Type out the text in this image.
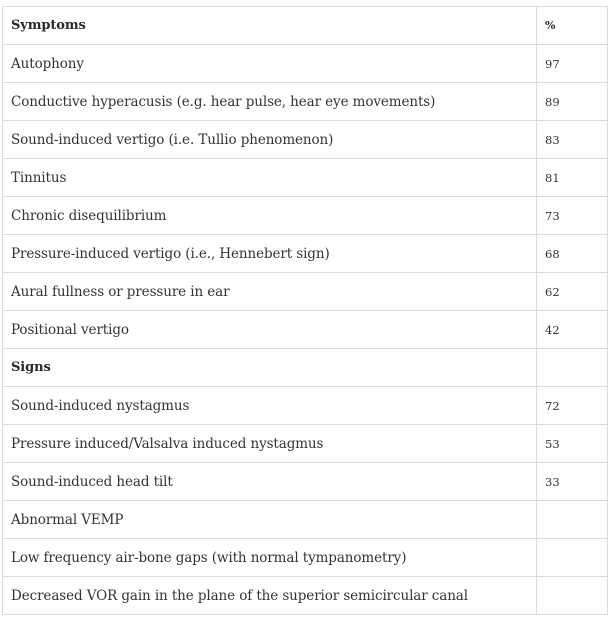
Symptoms	%
Autophony	97
Conductive hyperacusis (e.g. hear pulse, hear eye movements)	89
Sound-induced vertigo (i.e. Tullio phenomenon)	83
Tinnitus	81
Chronic disequilibrium	73
Pressure-induced vertigo (i.e., Hennebert sign)	68
Aural fullness or pressure in ear	62
Positional vertigo	42
Signs	
Sound-induced nystagmus	72
Pressure induced/Valsalva induced nystagmus	53
Sound-induced head tilt	33
Abnormal VEMP	
Low frequency air-bone gaps (with normal tympanometry)	
Decreased VOR gain in the plane of the superior semicircular canal	
